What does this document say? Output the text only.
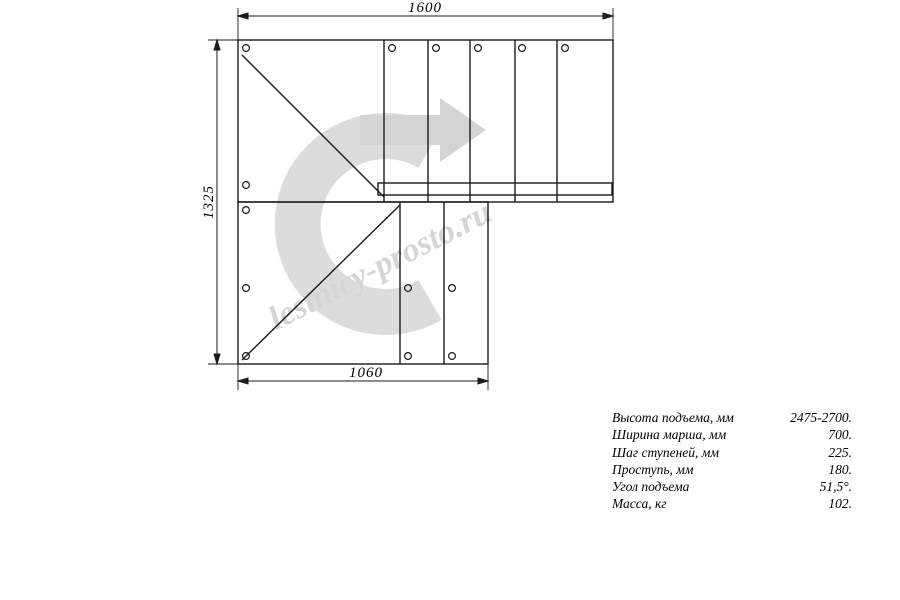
lestnicy-prosto.ru
1600
1325
1060
Высота подъема, мм	2475-2700.
Ширина марша, мм	700.
Шаг ступеней, мм	225.
Проступь, мм	180.
Угол подъема	51,5°.
Масса, кг	102.
